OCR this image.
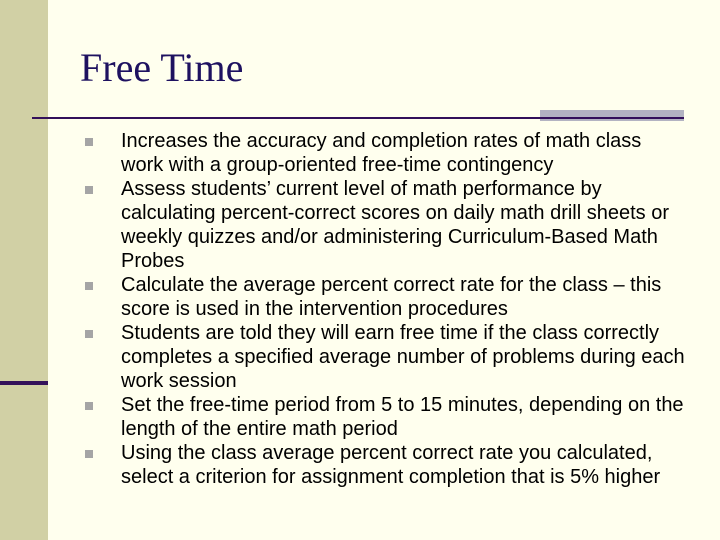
Free Time
Increases the accuracy and completion rates of math class work with a group-oriented free-time contingency
Assess students’ current level of math performance by calculating percent-correct scores on daily math drill sheets or weekly quizzes and/or administering Curriculum-Based Math Probes
Calculate the average percent correct rate for the class – this score is used in the intervention procedures
Students are told they will earn free time if the class correctly completes a specified average number of problems during each work session
Set the free-time period from 5 to 15 minutes, depending on the length of the entire math period
Using the class average percent correct rate you calculated, select a criterion for assignment completion that is 5% higher
